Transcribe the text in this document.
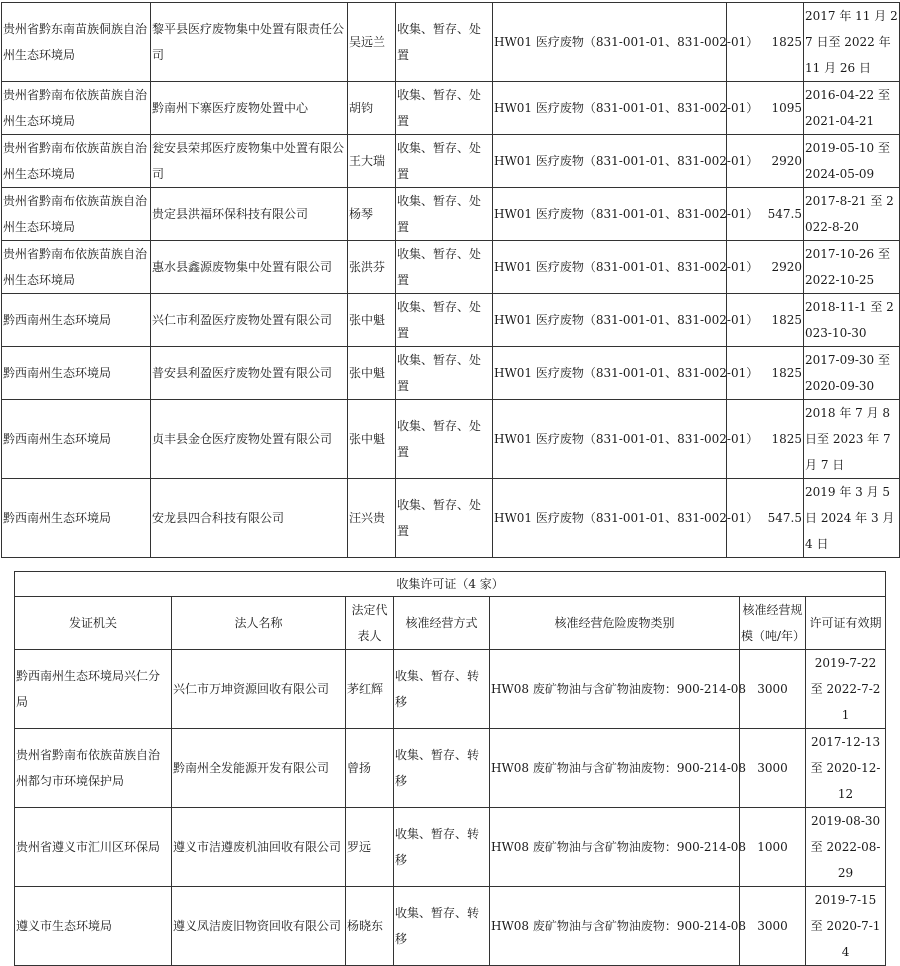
贵州省黔东南苗族侗族自治州生态环境局	黎平县医疗废物集中处置有限责任公司	吴远兰	收集、暂存、处置	HW01 医疗废物（831-001-01、831-002-01）	1825	2017 年 11 月 27 日至 2022 年 11 月 26 日
贵州省黔南布依族苗族自治州生态环境局	黔南州下寨医疗废物处置中心	胡钧	收集、暂存、处置	HW01 医疗废物（831-001-01、831-002-01）	1095	2016-04-22 至 2021-04-21
贵州省黔南布依族苗族自治州生态环境局	瓮安县荣邦医疗废物集中处置有限公司	王大瑞	收集、暂存、处置	HW01 医疗废物（831-001-01、831-002-01）	2920	2019-05-10 至 2024-05-09
贵州省黔南布依族苗族自治州生态环境局	贵定县洪福环保科技有限公司	杨琴	收集、暂存、处置	HW01 医疗废物（831-001-01、831-002-01）	547.5	2017-8-21 至 2022-8-20
贵州省黔南布依族苗族自治州生态环境局	惠水县鑫源废物集中处置有限公司	张洪芬	收集、暂存、处置	HW01 医疗废物（831-001-01、831-002-01）	2920	2017-10-26 至 2022-10-25
黔西南州生态环境局	兴仁市利盈医疗废物处置有限公司	张中魁	收集、暂存、处置	HW01 医疗废物（831-001-01、831-002-01）	1825	2018-11-1 至 2023-10-30
黔西南州生态环境局	普安县利盈医疗废物处置有限公司	张中魁	收集、暂存、处置	HW01 医疗废物（831-001-01、831-002-01）	1825	2017-09-30 至 2020-09-30
黔西南州生态环境局	贞丰县金仓医疗废物处置有限公司	张中魁	收集、暂存、处置	HW01 医疗废物（831-001-01、831-002-01）	1825	2018 年 7 月 8 日至 2023 年 7 月 7 日
黔西南州生态环境局	安龙县四合科技有限公司	汪兴贵	收集、暂存、处置	HW01 医疗废物（831-001-01、831-002-01）	547.5	2019 年 3 月 5 日 2024 年 3 月 4 日
收集许可证（4 家）						
发证机关	法人名称	法定代表人	核准经营方式	核准经营危险废物类别	核准经营规模（吨/年）	许可证有效期
黔西南州生态环境局兴仁分局	兴仁市万坤资源回收有限公司	茅红辉	收集、暂存、转移	HW08 废矿物油与含矿物油废物：900-214-08	3000	2019-7-22 至 2022-7-21
贵州省黔南布依族苗族自治州都匀市环境保护局	黔南州全发能源开发有限公司	曾扬	收集、暂存、转移	HW08 废矿物油与含矿物油废物：900-214-08	3000	2017-12-13 至 2020-12-12
贵州省遵义市汇川区环保局	遵义市洁遵废机油回收有限公司	罗远	收集、暂存、转移	HW08 废矿物油与含矿物油废物：900-214-08	1000	2019-08-30 至 2022-08-29
遵义市生态环境局	遵义凤洁废旧物资回收有限公司	杨晓东	收集、暂存、转移	HW08 废矿物油与含矿物油废物：900-214-08	3000	2019-7-15 至 2020-7-14
